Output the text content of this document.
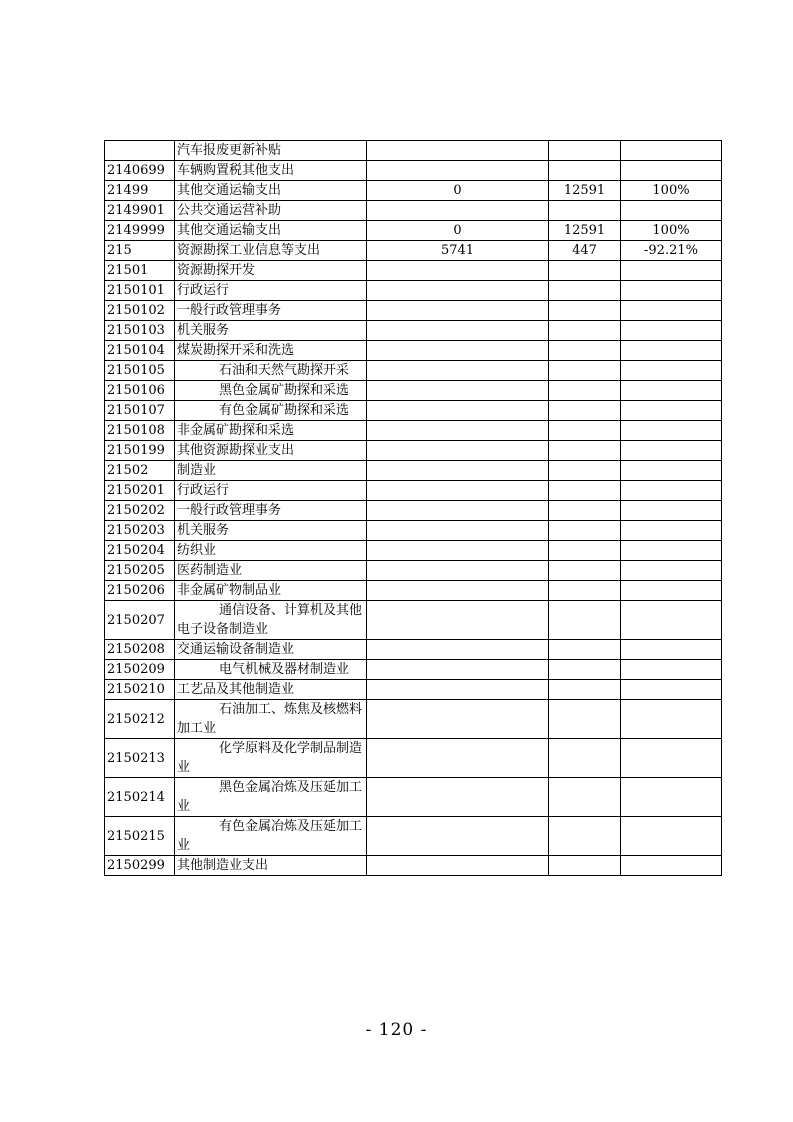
	汽车报废更新补贴			
2140699	车辆购置税其他支出			
21499	其他交通运输支出	0	12591	100%
2149901	公共交通运营补助			
2149999	其他交通运输支出	0	12591	100%
215	资源勘探工业信息等支出	5741	447	-92.21%
21501	资源勘探开发			
2150101	行政运行			
2150102	一般行政管理事务			
2150103	机关服务			
2150104	煤炭勘探开采和洗选			
2150105	石油和天然气勘探开采			
2150106	黑色金属矿勘探和采选			
2150107	有色金属矿勘探和采选			
2150108	非金属矿勘探和采选			
2150199	其他资源勘探业支出			
21502	制造业			
2150201	行政运行			
2150202	一般行政管理事务			
2150203	机关服务			
2150204	纺织业			
2150205	医药制造业			
2150206	非金属矿物制品业			
2150207	通信设备、计算机及其他电子设备制造业			
2150208	交通运输设备制造业			
2150209	电气机械及器材制造业			
2150210	工艺品及其他制造业			
2150212	石油加工、炼焦及核燃料加工业			
2150213	化学原料及化学制品制造业			
2150214	黑色金属冶炼及压延加工业			
2150215	有色金属冶炼及压延加工业			
2150299	其他制造业支出			
- 120 -
